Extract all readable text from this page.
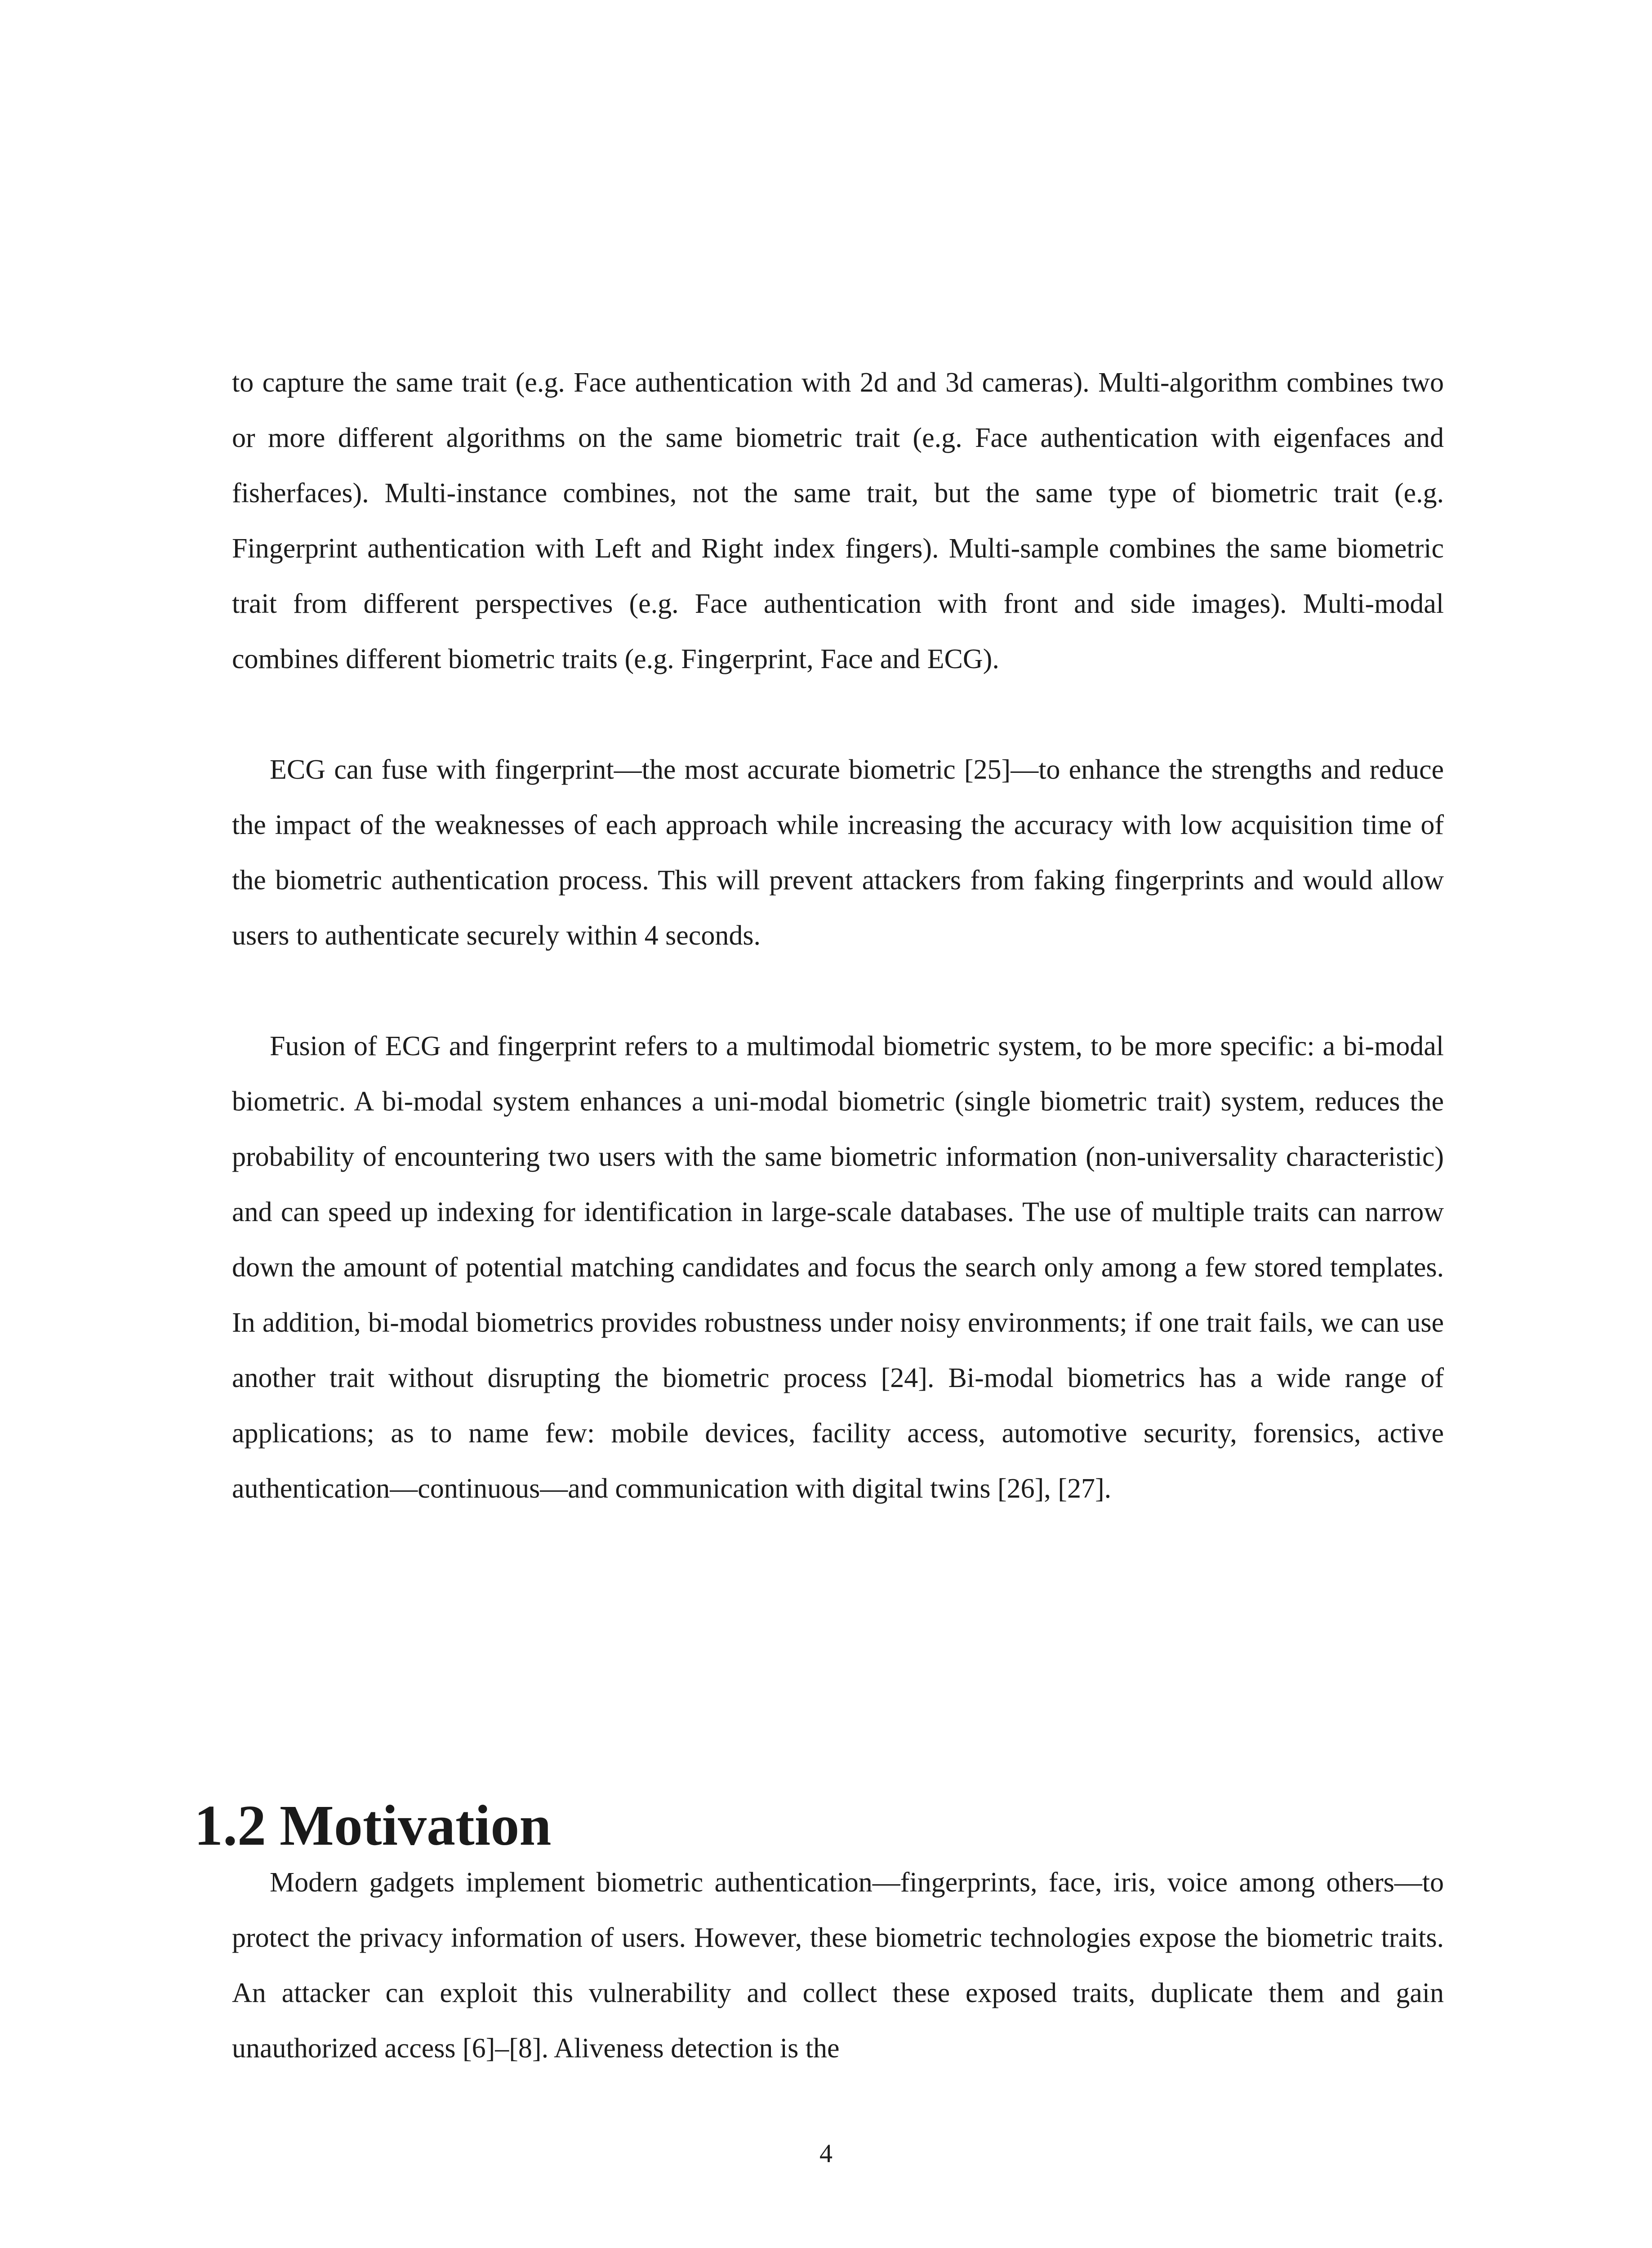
to capture the same trait (e.g. Face authentication with 2d and 3d cameras). Multi-algorithm combines two or more different algorithms on the same biometric trait (e.g. Face authentication with eigenfaces and fisherfaces). Multi-instance combines, not the same trait, but the same type of biometric trait (e.g. Fingerprint authentication with Left and Right index fingers). Multi-sample combines the same biometric trait from different perspectives (e.g. Face authentication with front and side images). Multi-modal combines different biometric traits (e.g. Fingerprint, Face and ECG).

ECG can fuse with fingerprint—the most accurate biometric [25]—to enhance the strengths and reduce the impact of the weaknesses of each approach while increasing the accuracy with low acquisition time of the biometric authentication process. This will prevent attackers from faking fingerprints and would allow users to authenticate securely within 4 seconds.

Fusion of ECG and fingerprint refers to a multimodal biometric system, to be more specific: a bi-modal biometric. A bi-modal system enhances a uni-modal biometric (single biometric trait) system, reduces the probability of encountering two users with the same biometric information (non-universality characteristic) and can speed up indexing for identification in large-scale databases. The use of multiple traits can narrow down the amount of potential matching candidates and focus the search only among a few stored templates. In addition, bi-modal biometrics provides robustness under noisy environments; if one trait fails, we can use another trait without disrupting the biometric process [24]. Bi-modal biometrics has a wide range of applications; as to name few: mobile devices, facility access, automotive security, forensics, active authentication—continuous—and communication with digital twins [26], [27].

1.2 Motivation

Modern gadgets implement biometric authentication—fingerprints, face, iris, voice among others—to protect the privacy information of users. However, these biometric technologies expose the biometric traits. An attacker can exploit this vulnerability and collect these exposed traits, duplicate them and gain unauthorized access [6]–[8]. Aliveness detection is the

4
